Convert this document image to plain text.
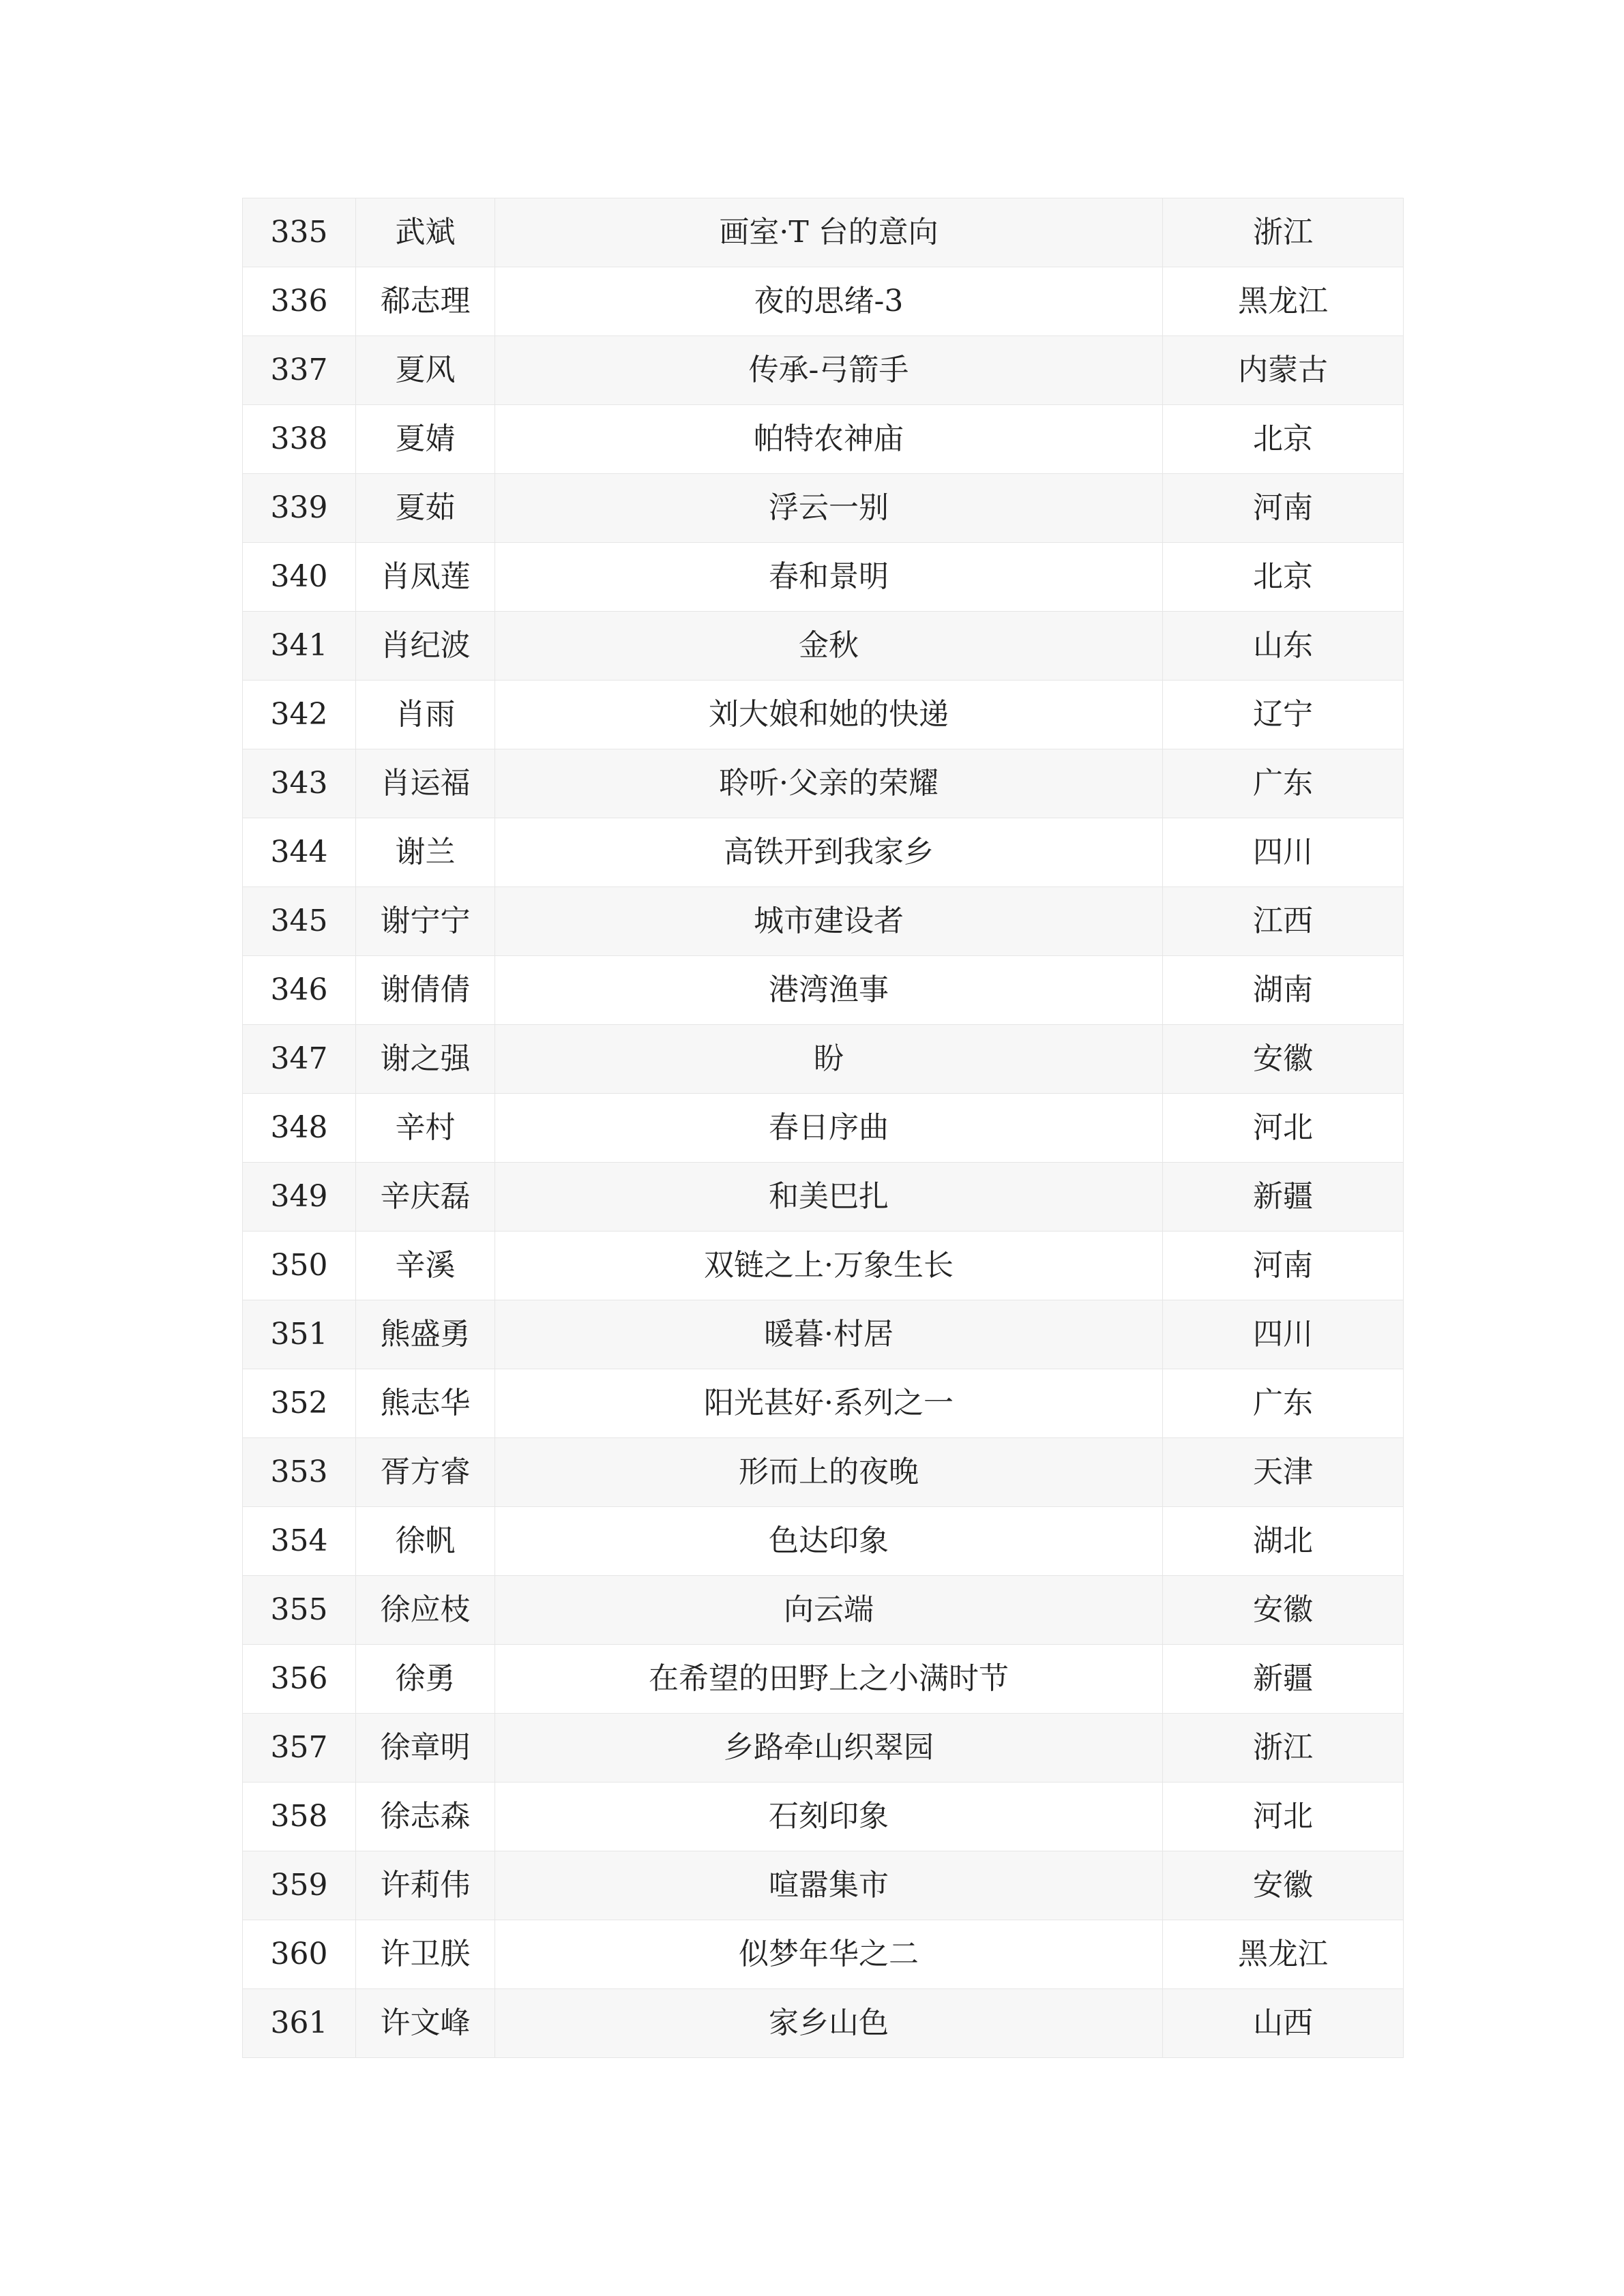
335	武斌	画室·T 台的意向	浙江
336	郗志理	夜的思绪-3	黑龙江
337	夏风	传承-弓箭手	内蒙古
338	夏婧	帕特农神庙	北京
339	夏茹	浮云一别	河南
340	肖凤莲	春和景明	北京
341	肖纪波	金秋	山东
342	肖雨	刘大娘和她的快递	辽宁
343	肖运福	聆听·父亲的荣耀	广东
344	谢兰	高铁开到我家乡	四川
345	谢宁宁	城市建设者	江西
346	谢倩倩	港湾渔事	湖南
347	谢之强	盼	安徽
348	辛村	春日序曲	河北
349	辛庆磊	和美巴扎	新疆
350	辛溪	双链之上·万象生长	河南
351	熊盛勇	暖暮·村居	四川
352	熊志华	阳光甚好·系列之一	广东
353	胥方睿	形而上的夜晚	天津
354	徐帆	色达印象	湖北
355	徐应枝	向云端	安徽
356	徐勇	在希望的田野上之小满时节	新疆
357	徐章明	乡路牵山织翠园	浙江
358	徐志森	石刻印象	河北
359	许莉伟	喧嚣集市	安徽
360	许卫朕	似梦年华之二	黑龙江
361	许文峰	家乡山色	山西
